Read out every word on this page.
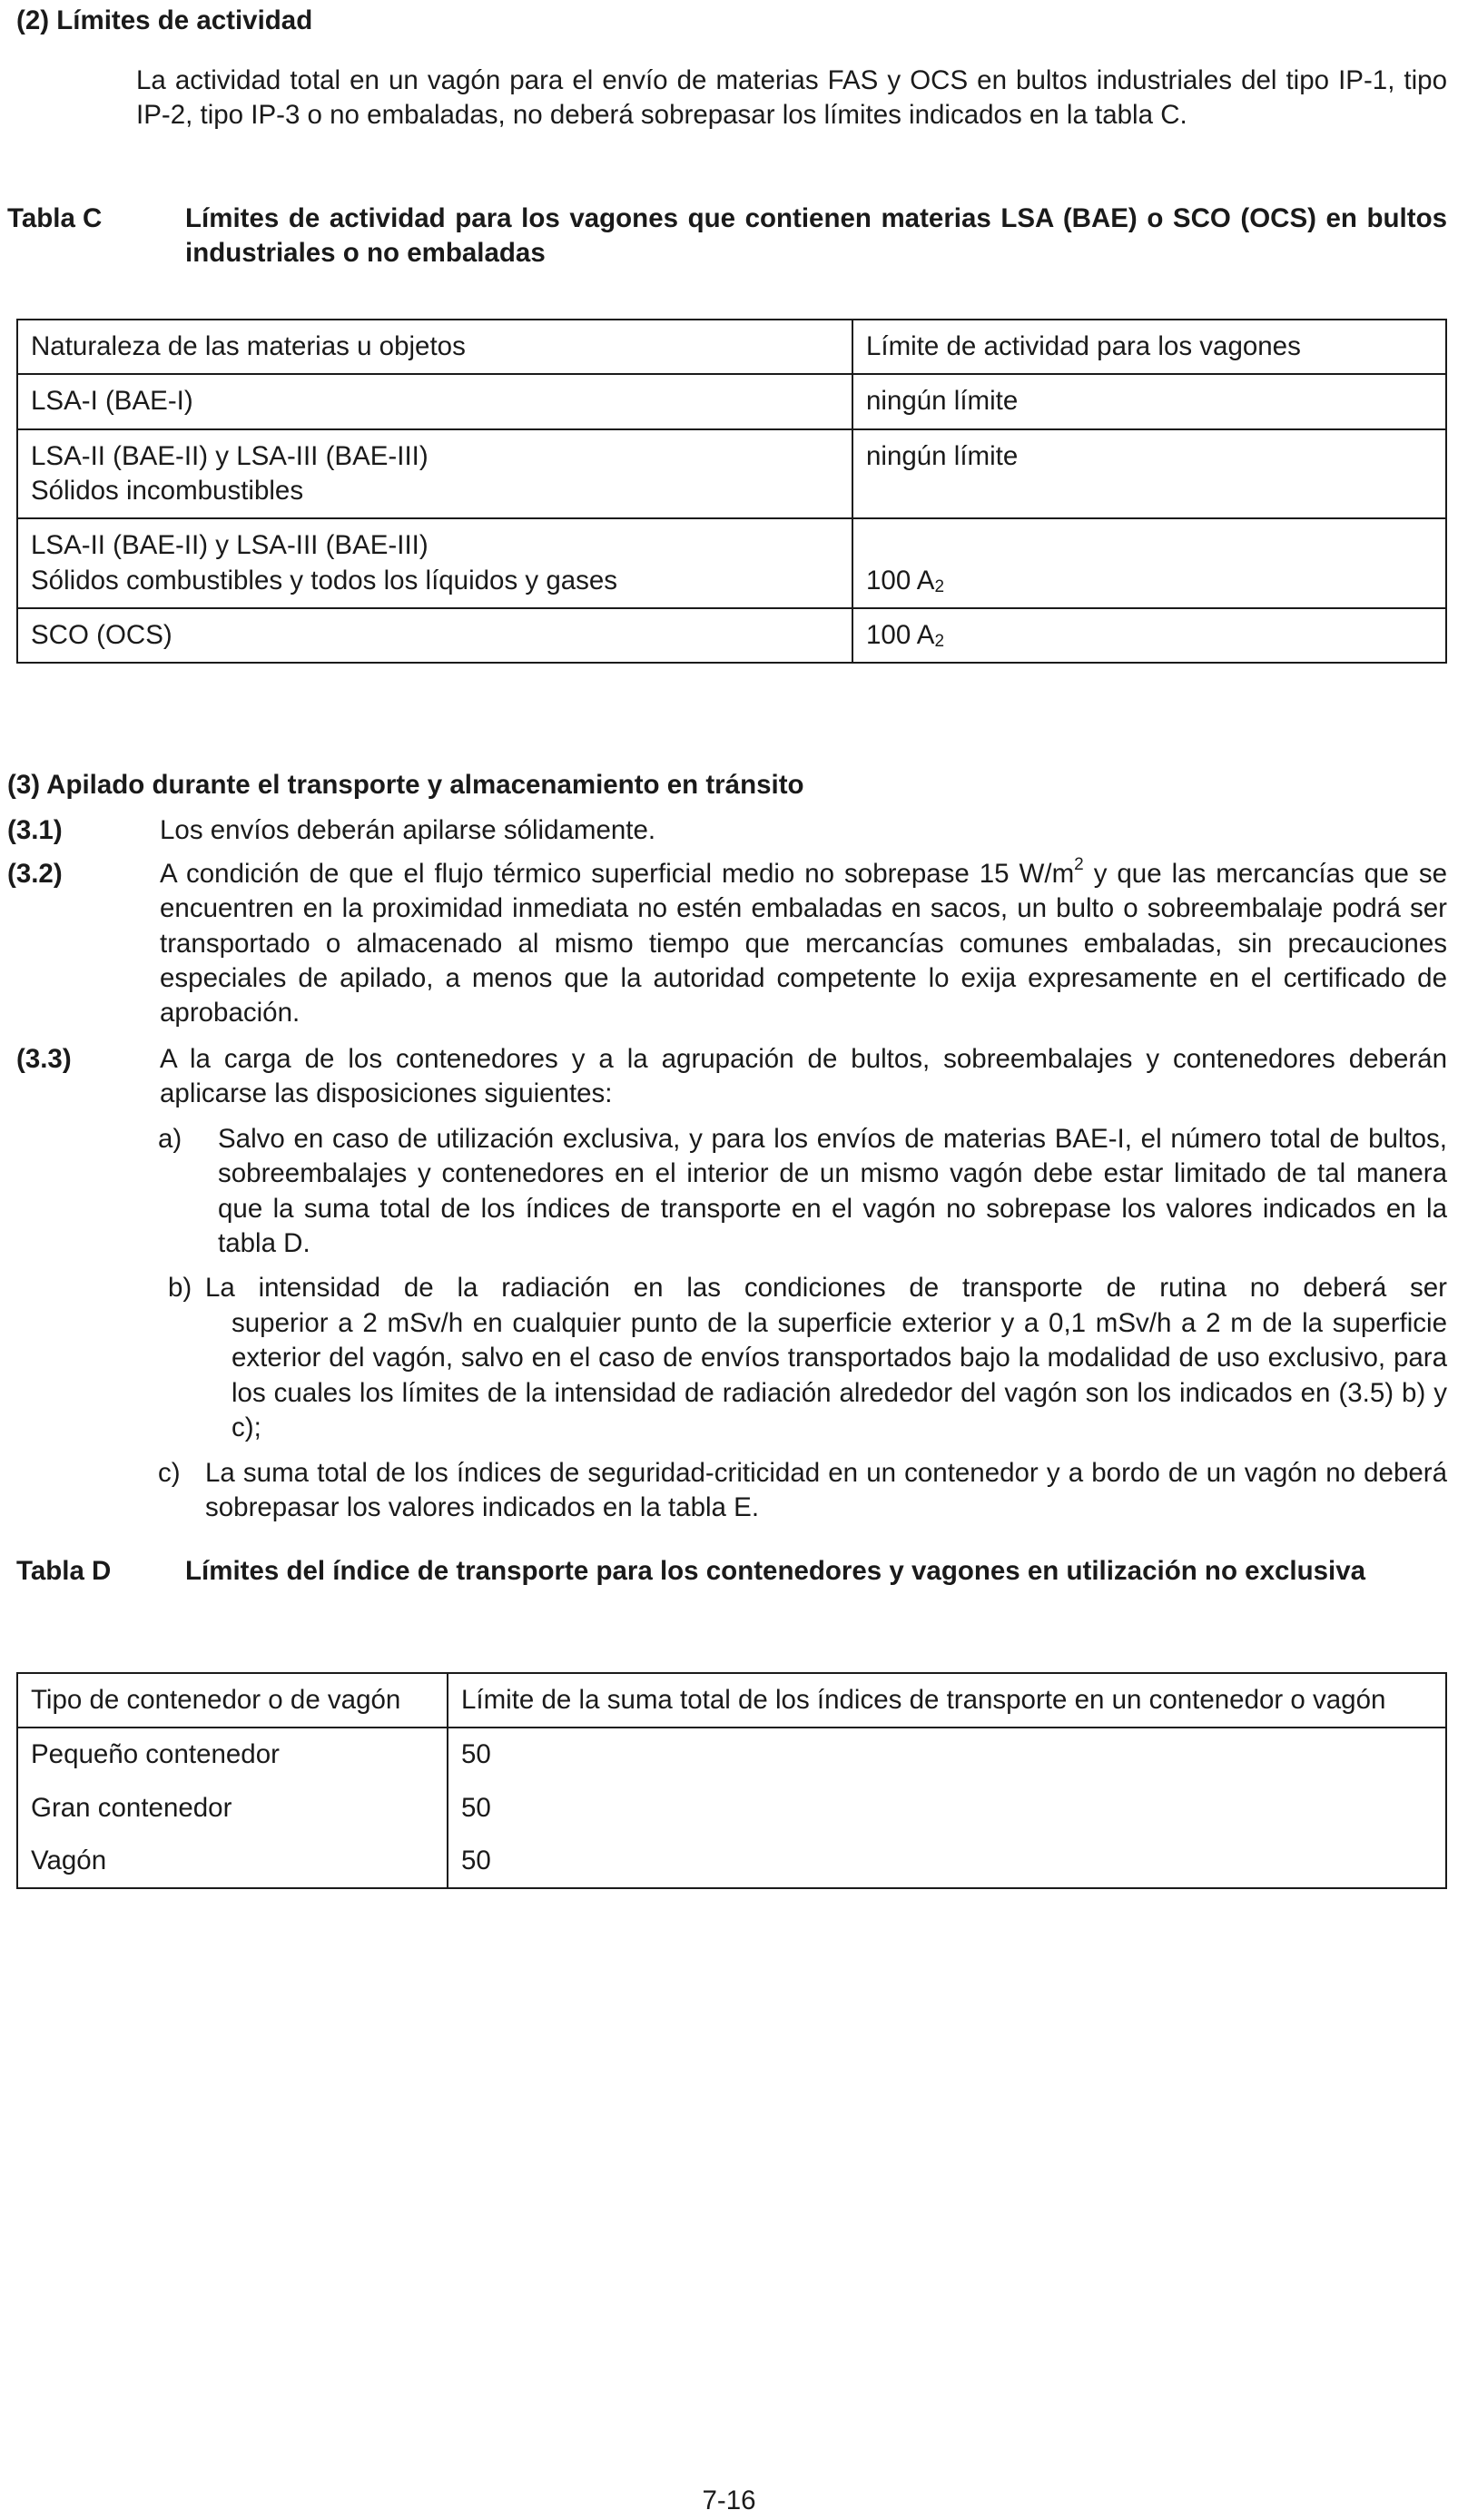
(2) Límites de actividad
La actividad total en un vagón para el envío de materias FAS y OCS en bultos industriales del tipo IP-1, tipo IP-2, tipo IP-3 o no embaladas, no deberá sobrepasar los límites indicados en la tabla C.
Tabla C	Límites de actividad para los vagones que contienen materias LSA (BAE) o SCO (OCS) en bultos industriales o no embaladas
Naturaleza de las materias u objetos	Límite de actividad para los vagones
LSA-I (BAE-I)	ningún límite

LSA-II (BAE-II) y LSA-III (BAE-III)
Sólidos incombustibles	ningún límite

LSA-II (BAE-II) y LSA-III (BAE-III)
Sólidos combustibles y todos los líquidos y gases	100 $A_2$
SCO (OCS)	100 $A_2$
(3) Apilado durante el transporte y almacenamiento en tránsito
(3.1)	Los envíos deberán apilarse sólidamente.
(3.2)	A condición de que el flujo térmico superficial medio no sobrepase 15 $W/m^2$ y que las mercancías que se encuentren en la proximidad inmediata no estén embaladas en sacos, un bulto o sobreembalaje podrá ser transportado o almacenado al mismo tiempo que mercancías comunes embaladas, sin precauciones especiales de apilado, a menos que la autoridad competente lo exija expresamente en el certificado de aprobación.
(3.3)	A la carga de los contenedores y a la agrupación de bultos, sobreembalajes y contenedores deberán aplicarse las disposiciones siguientes:
a) Salvo en caso de utilización exclusiva, y para los envíos de materias BAE-I, el número total de bultos, sobreembalajes y contenedores en el interior de un mismo vagón debe estar limitado de tal manera que la suma total de los índices de transporte en el vagón no sobrepase los valores indicados en la tabla D.
b) La intensidad de la radiación en las condiciones de transporte de rutina no deberá ser
superior a 2 mSv/h en cualquier punto de la superficie exterior y a 0,1 mSv/h a 2 m de la superficie exterior del vagón, salvo en el caso de envíos transportados bajo la modalidad de uso exclusivo, para los cuales los límites de la intensidad de radiación alrededor del vagón son los indicados en (3.5) b) y c);
c) La suma total de los índices de seguridad-criticidad en un contenedor y a bordo de un vagón no deberá sobrepasar los valores indicados en la tabla E.
Tabla D	Límites del índice de transporte para los contenedores y vagones en utilización no exclusiva
Tipo de contenedor o de vagón	Límite de la suma total de los índices de transporte en un contenedor o vagón
Pequeño contenedor	50
Gran contenedor	50
Vagón	50
7-16
